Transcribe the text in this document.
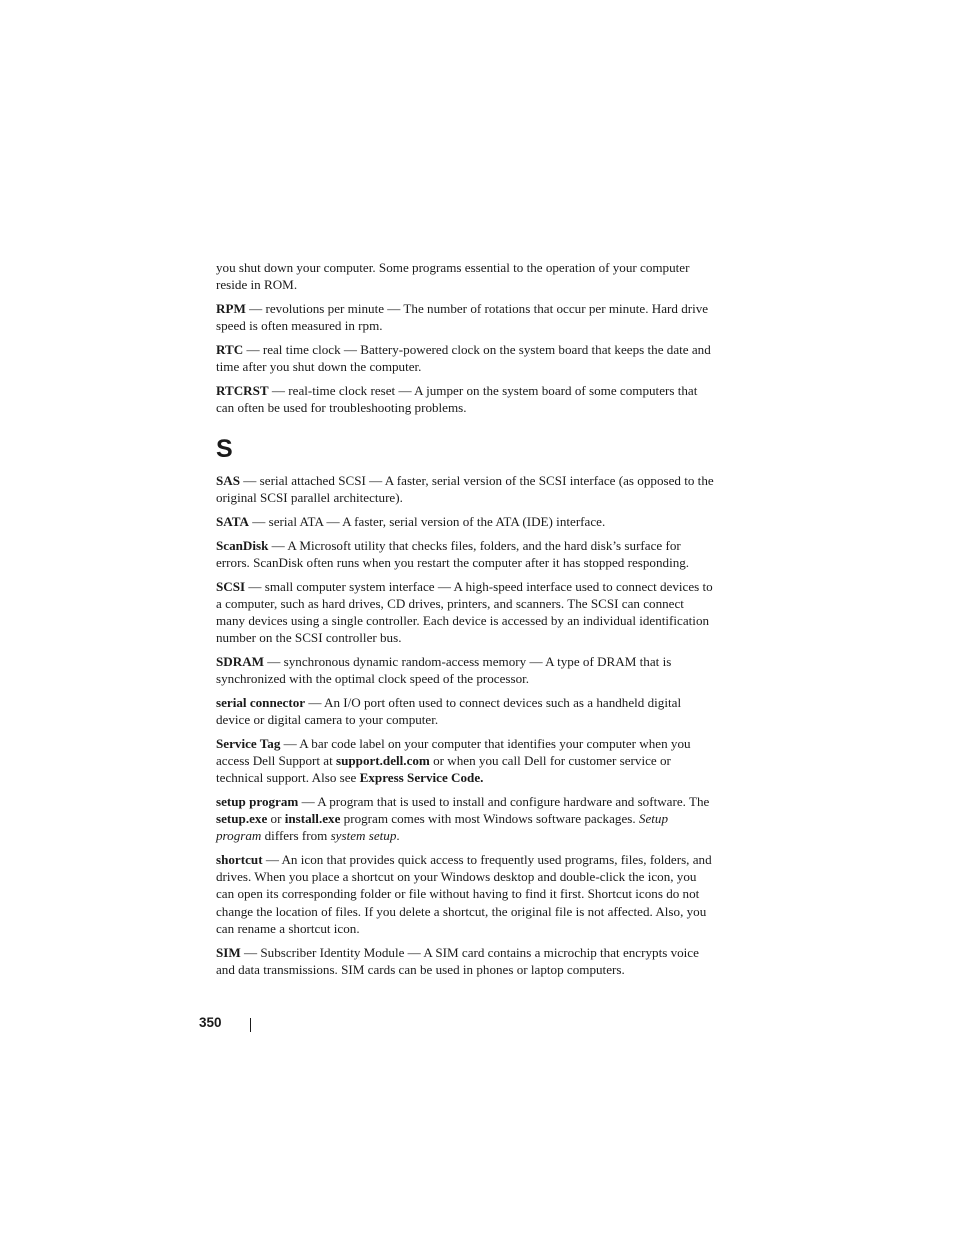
you shut down your computer. Some programs essential to the operation of your computer reside in ROM.

RPM — revolutions per minute — The number of rotations that occur per minute. Hard drive speed is often measured in rpm.

RTC — real time clock — Battery-powered clock on the system board that keeps the date and time after you shut down the computer.

RTCRST — real-time clock reset — A jumper on the system board of some computers that can often be used for troubleshooting problems.

S

SAS — serial attached SCSI — A faster, serial version of the SCSI interface (as opposed to the original SCSI parallel architecture).

SATA — serial ATA — A faster, serial version of the ATA (IDE) interface.

ScanDisk — A Microsoft utility that checks files, folders, and the hard disk’s surface for errors. ScanDisk often runs when you restart the computer after it has stopped responding.

SCSI — small computer system interface — A high-speed interface used to connect devices to a computer, such as hard drives, CD drives, printers, and scanners. The SCSI can connect many devices using a single controller. Each device is accessed by an individual identification number on the SCSI controller bus.

SDRAM — synchronous dynamic random-access memory — A type of DRAM that is synchronized with the optimal clock speed of the processor.

serial connector — An I/O port often used to connect devices such as a handheld digital device or digital camera to your computer.

Service Tag — A bar code label on your computer that identifies your computer when you access Dell Support at support.dell.com or when you call Dell for customer service or technical support. Also see Express Service Code.

setup program — A program that is used to install and configure hardware and software. The setup.exe or install.exe program comes with most Windows software packages. Setup program differs from system setup.

shortcut — An icon that provides quick access to frequently used programs, files, folders, and drives. When you place a shortcut on your Windows desktop and double-click the icon, you can open its corresponding folder or file without having to find it first. Shortcut icons do not change the location of files. If you delete a shortcut, the original file is not affected. Also, you can rename a shortcut icon.

SIM — Subscriber Identity Module — A SIM card contains a microchip that encrypts voice and data transmissions. SIM cards can be used in phones or laptop computers.

350
